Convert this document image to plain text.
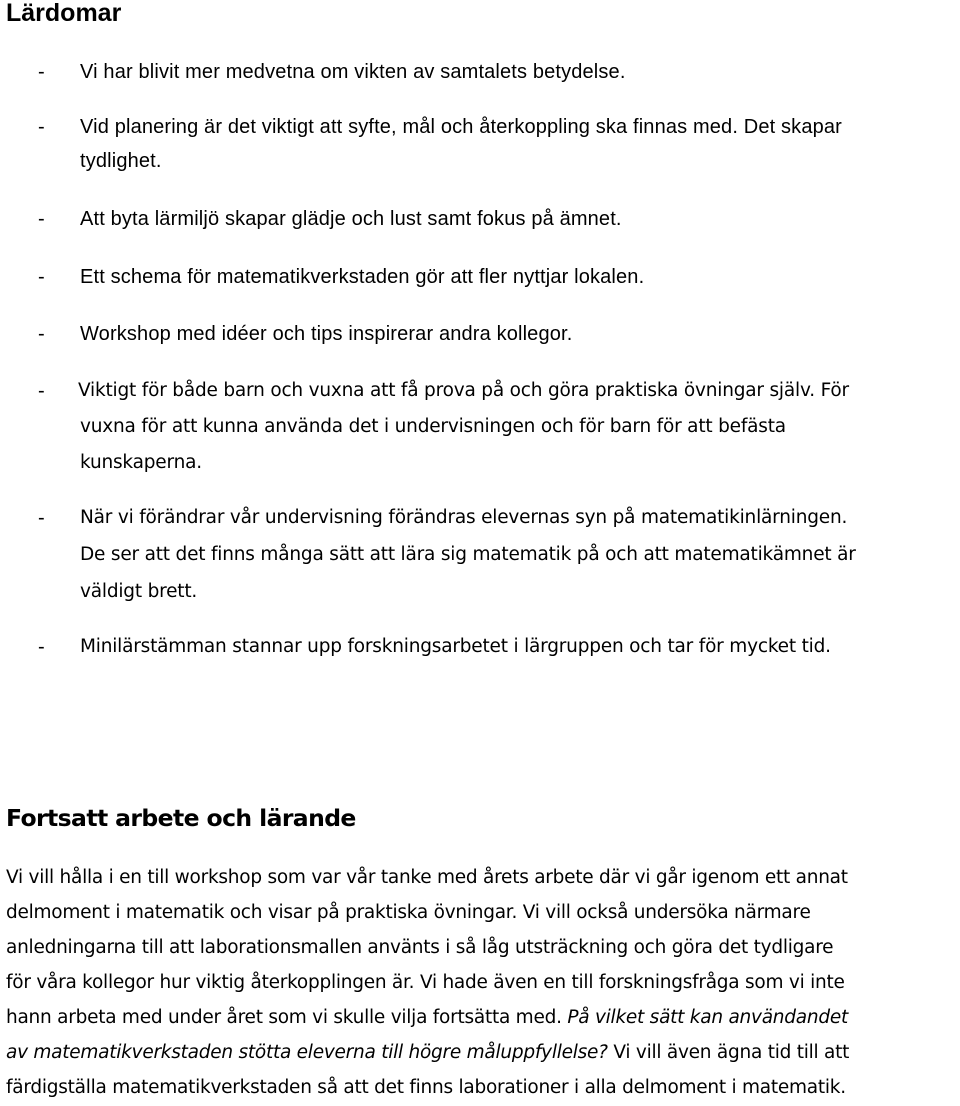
Lärdomar
- Vi har blivit mer medvetna om vikten av samtalets betydelse.
- Vid planering är det viktigt att syfte, mål och återkoppling ska finnas med. Det skapar
tydlighet.
- Att byta lärmiljö skapar glädje och lust samt fokus på ämnet.
- Ett schema för matematikverkstaden gör att fler nyttjar lokalen.
- Workshop med idéer och tips inspirerar andra kollegor.
- Viktigt för både barn och vuxna att få prova på och göra praktiska övningar själv. För
vuxna för att kunna använda det i undervisningen och för barn för att befästa
kunskaperna.
- När vi förändrar vår undervisning förändras elevernas syn på matematikinlärningen.
De ser att det finns många sätt att lära sig matematik på och att matematikämnet är
väldigt brett.
- Minilärstämman stannar upp forskningsarbetet i lärgruppen och tar för mycket tid.
Fortsatt arbete och lärande
Vi vill hålla i en till workshop som var vår tanke med årets arbete där vi går igenom ett annat
delmoment i matematik och visar på praktiska övningar. Vi vill också undersöka närmare
anledningarna till att laborationsmallen använts i så låg utsträckning och göra det tydligare
för våra kollegor hur viktig återkopplingen är. Vi hade även en till forskningsfråga som vi inte
hann arbeta med under året som vi skulle vilja fortsätta med. På vilket sätt kan användandet
av matematikverkstaden stötta eleverna till högre måluppfyllelse? Vi vill även ägna tid till att
färdigställa matematikverkstaden så att det finns laborationer i alla delmoment i matematik.
